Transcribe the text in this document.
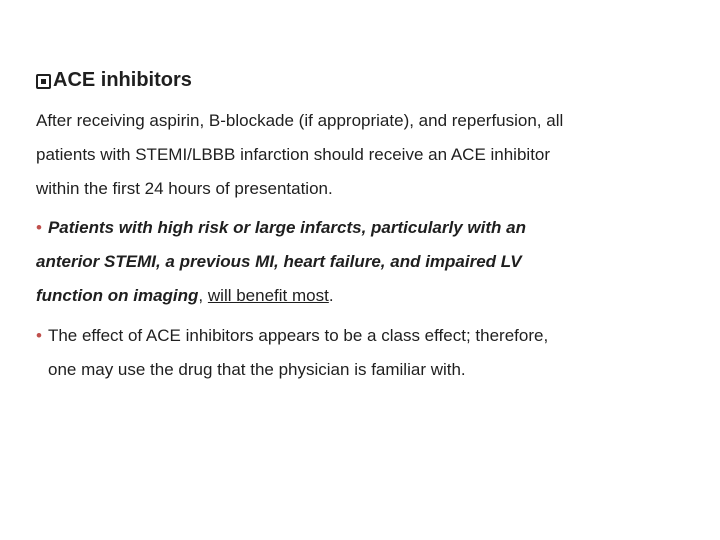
ACE inhibitors
After receiving aspirin, B-blockade (if appropriate), and reperfusion, all
patients with STEMI/LBBB infarction should receive an ACE inhibitor
within the ﬁrst 24 hours of presentation.
• Patients with high risk or large infarcts, particularly with an
anterior STEMI, a previous MI, heart failure, and impaired LV
function on imaging, will beneﬁt most.
• The effect of ACE inhibitors appears to be a class effect; therefore,
one may use the drug that the physician is familiar with.
